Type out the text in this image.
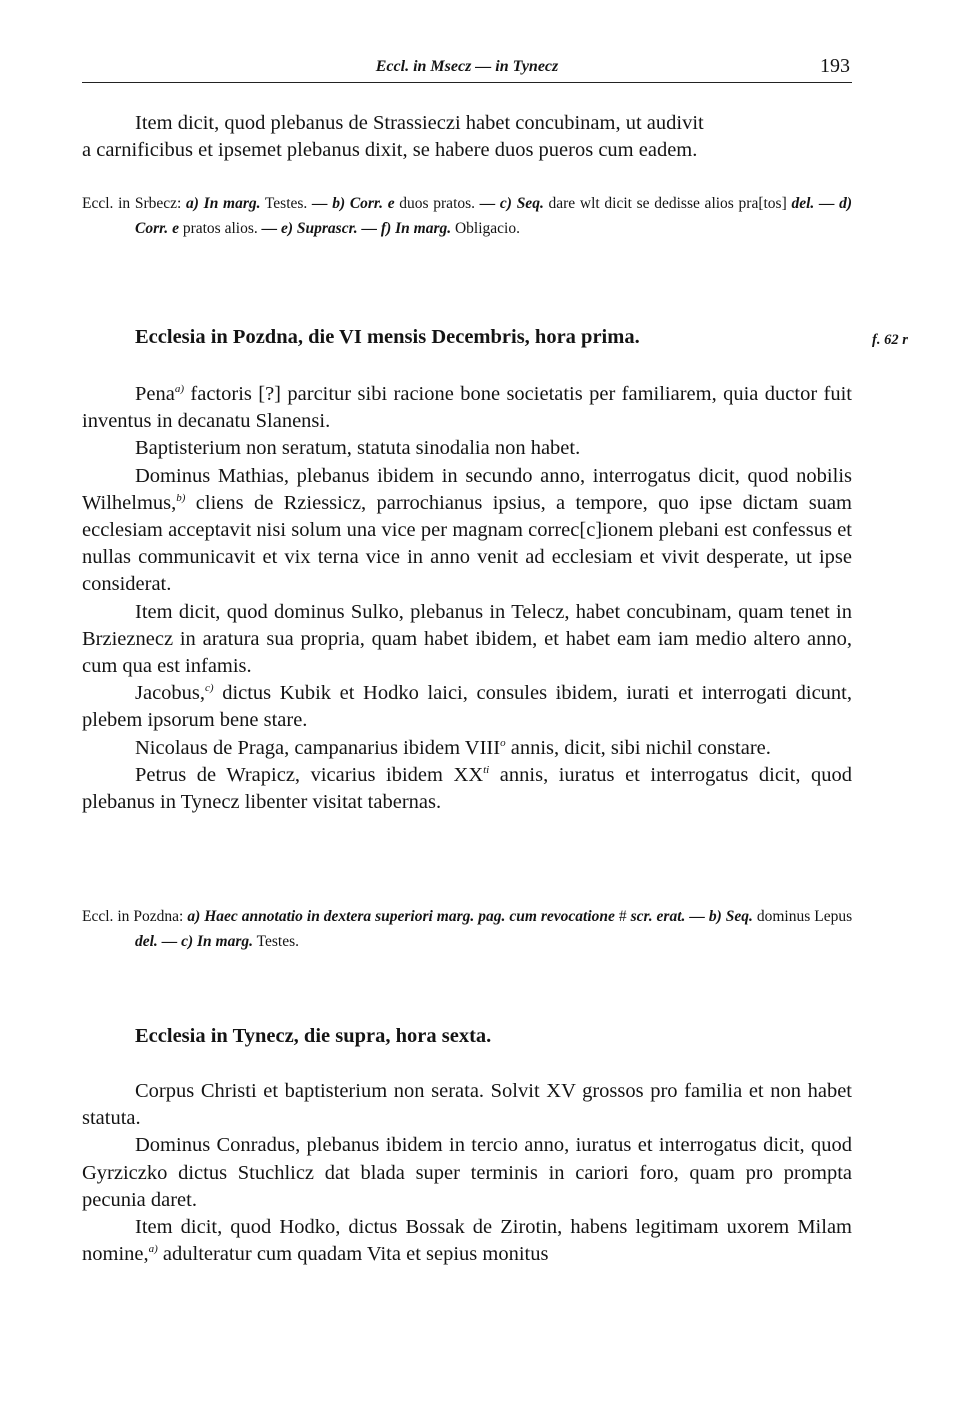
Eccl. in Msecz — in Tynecz	193

Item dicit, quod plebanus de Strassieczi habet concubinam, ut audivit

a carnificibus et ipsemet plebanus dixit, se habere duos pueros cum eadem.

Eccl. in Srbecz: a) In marg. Testes. — b) Corr. e duos pratos. — c) Seq. dare wlt dicit se dedisse alios pra[tos] del. — d) Corr. e pratos alios. — e) Suprascr. — f) In marg. Obligacio.
Ecclesia in Pozdna, die VI mensis Decembris, hora prima.	f. 62 r

Pena$^{a)}$ factoris [?] parcitur sibi racione bone societatis per familiarem, quia ductor fuit inventus in decanatu Slanensi.

Baptisterium non seratum, statuta sinodalia non habet.

Dominus Mathias, plebanus ibidem in secundo anno, interrogatus dicit, quod nobilis Wilhelmus,$^{b)}$ cliens de Rziessicz, parrochianus ipsius, a tempore, quo ipse dictam suam ecclesiam acceptavit nisi solum una vice per magnam correc[c]ionem plebani est confessus et nullas communicavit et vix terna vice in anno venit ad ecclesiam et vivit desperate, ut ipse considerat.

Item dicit, quod dominus Sulko, plebanus in Telecz, habet concubinam, quam tenet in Brzieznecz in aratura sua propria, quam habet ibidem, et habet eam iam medio altero anno, cum qua est infamis.

Jacobus,$^{c)}$ dictus Kubik et Hodko laici, consules ibidem, iurati et interrogati dicunt, plebem ipsorum bene stare.

Nicolaus de Praga, campanarius ibidem VIII$^o$ annis, dicit, sibi nichil constare.

Petrus de Wrapicz, vicarius ibidem $XX^{ti}$ annis, iuratus et interrogatus dicit, quod plebanus in Tynecz libenter visitat tabernas.

Eccl. in Pozdna: a) Haec annotatio in dextera superiori marg. pag. cum revocatione # scr. erat. — b) Seq. dominus Lepus del. — c) In marg. Testes.
Ecclesia in Tynecz, die supra, hora sexta.

Corpus Christi et baptisterium non serata. Solvit XV grossos pro familia et non habet statuta.

Dominus Conradus, plebanus ibidem in tercio anno, iuratus et interrogatus dicit, quod Gyrziczko dictus Stuchlicz dat blada super terminis in cariori foro, quam pro prompta pecunia daret.

Item dicit, quod Hodko, dictus Bossak de Zirotin, habens legitimam uxorem Milam nomine,$^{a)}$ adulteratur cum quadam Vita et sepius monitus
